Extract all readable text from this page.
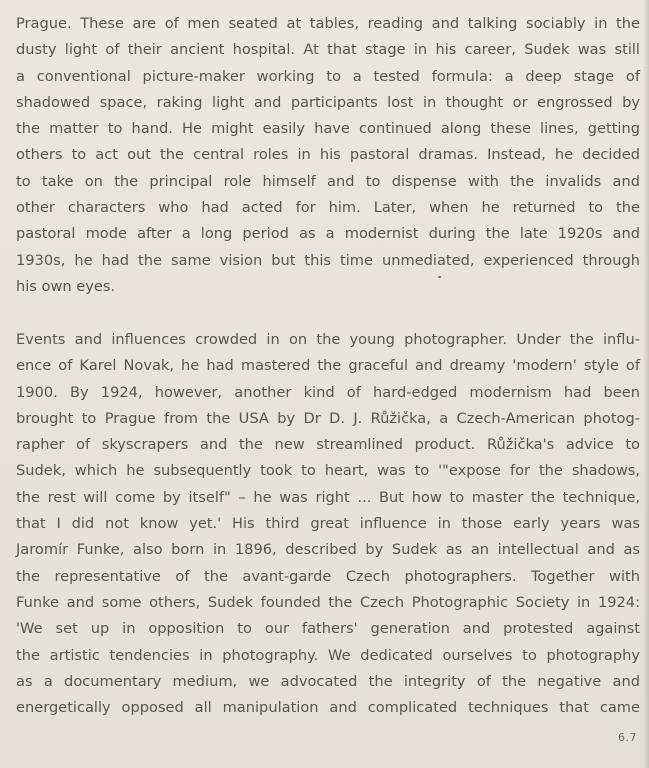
Prague. These are of men seated at tables, reading and talking sociably in the
dusty light of their ancient hospital. At that stage in his career, Sudek was still
a conventional picture-maker working to a tested formula: a deep stage of
shadowed space, raking light and participants lost in thought or engrossed by
the matter to hand. He might easily have continued along these lines, getting
others to act out the central roles in his pastoral dramas. Instead, he decided
to take on the principal role himself and to dispense with the invalids and
other characters who had acted for him. Later, when he returned to the
pastoral mode after a long period as a modernist during the late 1920s and
1930s, he had the same vision but this time unmediated, experienced through
his own eyes.
Events and influences crowded in on the young photographer. Under the influ-
ence of Karel Novak, he had mastered the graceful and dreamy 'modern' style of
1900. By 1924, however, another kind of hard-edged modernism had been
brought to Prague from the USA by Dr D. J. Růžička, a Czech-American photog-
rapher of skyscrapers and the new streamlined product. Růžička's advice to
Sudek, which he subsequently took to heart, was to '"expose for the shadows,
the rest will come by itself" – he was right ... But how to master the technique,
that I did not know yet.' His third great influence in those early years was
Jaromír Funke, also born in 1896, described by Sudek as an intellectual and as
the representative of the avant-garde Czech photographers. Together with
Funke and some others, Sudek founded the Czech Photographic Society in 1924:
'We set up in opposition to our fathers' generation and protested against
the artistic tendencies in photography. We dedicated ourselves to photography
as a documentary medium, we advocated the integrity of the negative and
energetically opposed all manipulation and complicated techniques that came
6.7
